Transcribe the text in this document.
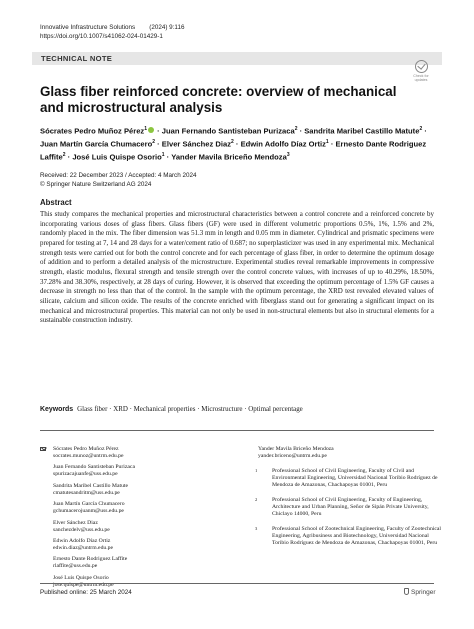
Innovative Infrastructure Solutions (2024) 9:116
https://doi.org/10.1007/s41062-024-01429-1
TECHNICAL NOTE
Check for
updates
Glass fiber reinforced concrete: overview of mechanical and microstructural analysis
Sócrates Pedro Muñoz Pérez$^1$ · Juan Fernando Santisteban Purizaca$^2$ · Sandrita Maribel Castillo Matute$^2$ · Juan Martín García Chumacero$^2$ · Elver Sánchez Diaz$^2$ · Edwin Adolfo Díaz Ortiz$^1$ · Ernesto Dante Rodriguez Laffite$^2$ · José Luis Quispe Osorio$^1$ · Yander Mavila Briceño Mendoza$^3$
Received: 22 December 2023 / Accepted: 4 March 2024
© Springer Nature Switzerland AG 2024
Abstract
This study compares the mechanical properties and microstructural characteristics between a control concrete and a reinforced concrete by incorporating various doses of glass fibers. Glass fibers (GF) were used in different volumetric proportions 0.5%, 1%, 1.5% and 2%, randomly placed in the mix. The fiber dimension was 51.3 mm in length and 0.05 mm in diameter. Cylindrical and prismatic specimens were prepared for testing at 7, 14 and 28 days for a water/cement ratio of 0.687; no superplasticizer was used in any experimental mix. Mechanical strength tests were carried out for both the control concrete and for each percentage of glass fiber, in order to determine the optimum dosage of addition and to perform a detailed analysis of the microstructure. Experimental studies reveal remarkable improvements in compressive strength, elastic modulus, flexural strength and tensile strength over the control concrete values, with increases of up to 40.29%, 18.50%, 37.28% and 38.30%, respectively, at 28 days of curing. However, it is observed that exceeding the optimum percentage of 1.5% GF causes a decrease in strength no less than that of the control. In the sample with the optimum percentage, the XRD test revealed elevated values of silicate, calcium and silicon oxide. The results of the concrete enriched with fiberglass stand out for generating a significant impact on its mechanical and microstructural properties. This material can not only be used in non-structural elements but also in structural elements for a sustainable construction industry.
Keywords Glass fiber · XRD · Mechanical properties · Microstructure · Optimal percentage
Sócrates Pedro Muñoz Pérez
socrates.munoz@untrm.edu.pe
Juan Fernando Santisteban Purizaca
spurizacajuanfe@uss.edu.pe
Sandrita Maribel Castillo Matute
cmatutesandritm@uss.edu.pe
Juan Martín García Chumacero
gchumacerojuanm@uss.edu.pe
Elver Sánchez Diaz
sanchezdelv@uss.edu.pe
Edwin Adolfo Díaz Ortiz
edwin.diaz@untrm.edu.pe
Ernesto Dante Rodriguez Laffite
rlaffite@uss.edu.pe
José Luis Quispe Osorio
jose.quispe@untrm.edu.pe
Yander Mavila Briceño Mendoza
yander.briceno@untrm.edu.pe
1	Professional School of Civil Engineering, Faculty of Civil and Environmental Engineering, Universidad Nacional Toribio Rodríguez de Mendoza de Amazonas, Chachapoyas 01001, Peru
2	Professional School of Civil Engineering, Faculty of Engineering, Architecture and Urban Planning, Señor de Sipán Private University, Chiclayo 14000, Peru
3	Professional School of Zootechnical Engineering, Faculty of Zootechnical Engineering, Agribusiness and Biotechnology, Universidad Nacional Toribio Rodríguez de Mendoza de Amazonas, Chachapoyas 01001, Peru
Published online: 25 March 2024	Springer
